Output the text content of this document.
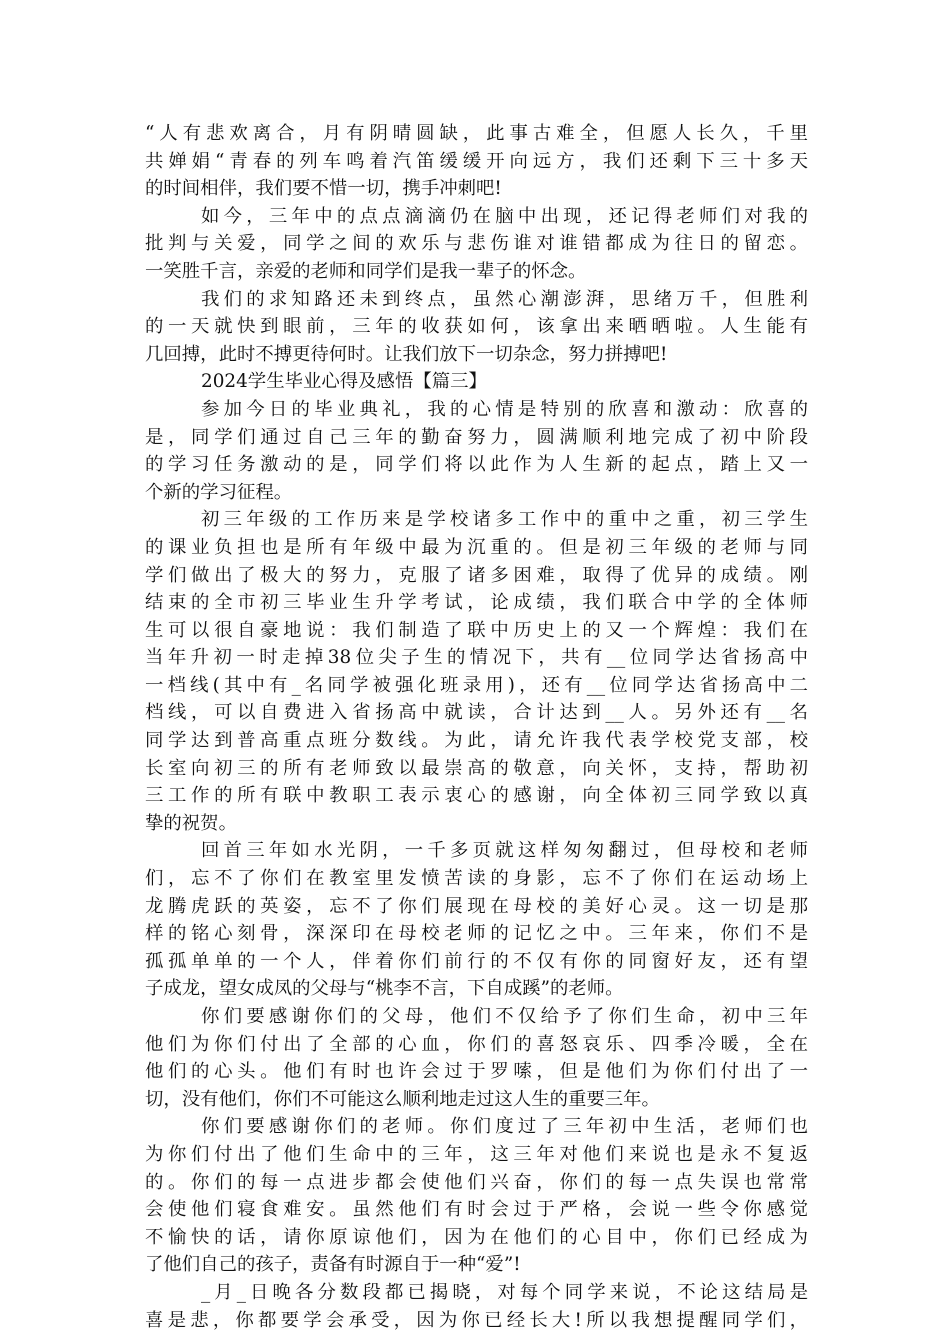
“人有悲欢离合，月有阴晴圆缺，此事古难全，但愿人长久，千里
共婵娟“青春的列车鸣着汽笛缓缓开向远方，我们还剩下三十多天
的时间相伴，我们要不惜一切，携手冲刺吧!
如今，三年中的点点滴滴仍在脑中出现，还记得老师们对我的
批判与关爱，同学之间的欢乐与悲伤谁对谁错都成为往日的留恋。
一笑胜千言，亲爱的老师和同学们是我一辈子的怀念。
我们的求知路还未到终点，虽然心潮澎湃，思绪万千，但胜利
的一天就快到眼前，三年的收获如何，该拿出来晒晒啦。人生能有
几回搏，此时不搏更待何时。让我们放下一切杂念，努力拼搏吧!
2024学生毕业心得及感悟【篇三】
参加今日的毕业典礼，我的心情是特别的欣喜和激动：欣喜的
是，同学们通过自己三年的勤奋努力，圆满顺利地完成了初中阶段
的学习任务激动的是，同学们将以此作为人生新的起点，踏上又一
个新的学习征程。
初三年级的工作历来是学校诸多工作中的重中之重，初三学生
的课业负担也是所有年级中最为沉重的。但是初三年级的老师与同
学们做出了极大的努力，克服了诸多困难，取得了优异的成绩。刚
结束的全市初三毕业生升学考试，论成绩，我们联合中学的全体师
生可以很自豪地说：我们制造了联中历史上的又一个辉煌：我们在
当年升初一时走掉38位尖子生的情况下，共有__位同学达省扬高中
一档线(其中有_名同学被强化班录用)，还有__位同学达省扬高中二
档线，可以自费进入省扬高中就读，合计达到__人。另外还有__名
同学达到普高重点班分数线。为此，请允许我代表学校党支部，校
长室向初三的所有老师致以最崇高的敬意，向关怀，支持，帮助初
三工作的所有联中教职工表示衷心的感谢，向全体初三同学致以真
挚的祝贺。
回首三年如水光阴，一千多页就这样匆匆翻过，但母校和老师
们，忘不了你们在教室里发愤苦读的身影，忘不了你们在运动场上
龙腾虎跃的英姿，忘不了你们展现在母校的美好心灵。这一切是那
样的铭心刻骨，深深印在母校老师的记忆之中。三年来，你们不是
孤孤单单的一个人，伴着你们前行的不仅有你的同窗好友，还有望
子成龙，望女成凤的父母与“桃李不言，下自成蹊”的老师。
你们要感谢你们的父母，他们不仅给予了你们生命，初中三年
他们为你们付出了全部的心血，你们的喜怒哀乐、四季冷暖，全在
他们的心头。他们有时也许会过于罗嗦，但是他们为你们付出了一
切，没有他们，你们不可能这么顺利地走过这人生的重要三年。
你们要感谢你们的老师。你们度过了三年初中生活，老师们也
为你们付出了他们生命中的三年，这三年对他们来说也是永不复返
的。你们的每一点进步都会使他们兴奋，你们的每一点失误也常常
会使他们寝食难安。虽然他们有时会过于严格，会说一些令你感觉
不愉快的话，请你原谅他们，因为在他们的心目中，你们已经成为
了他们自己的孩子，责备有时源自于一种“爱”!
_月_日晚各分数段都已揭晓，对每个同学来说，不论这结局是
喜是悲，你都要学会承受，因为你已经长大!所以我想提醒同学们，
